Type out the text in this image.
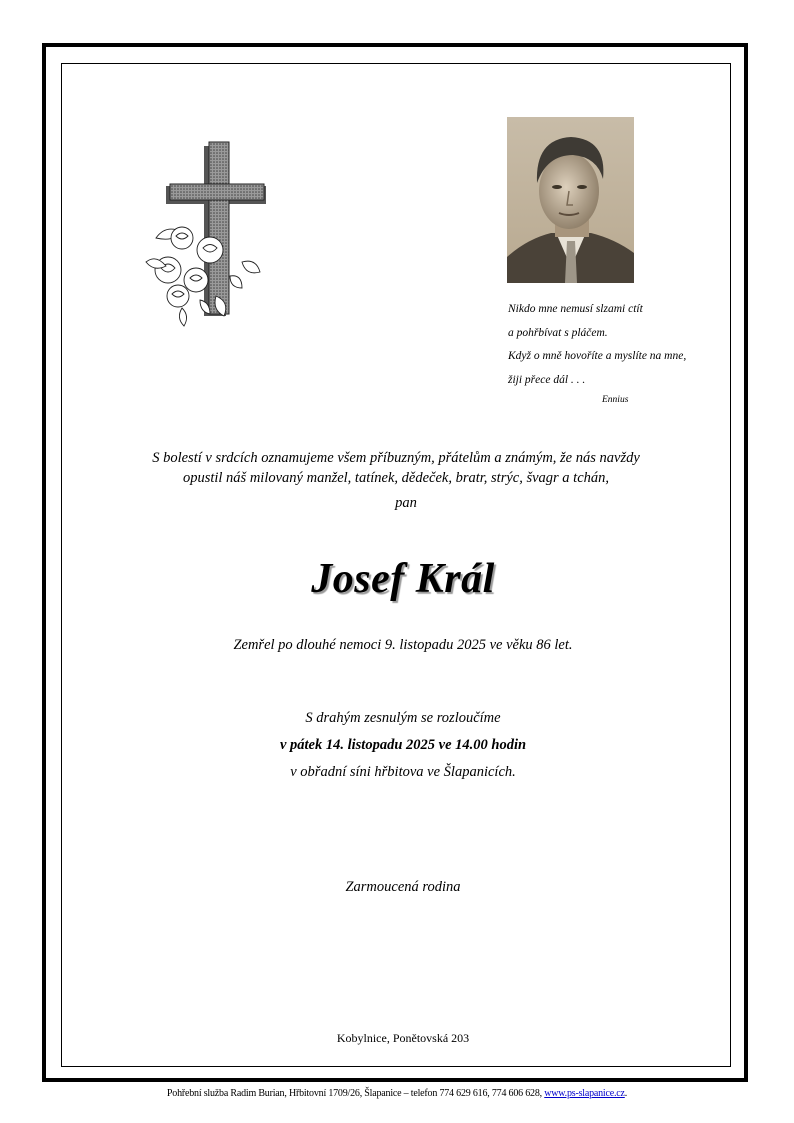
Nikdo mne nemusí slzami ctít
a pohřbívat s pláčem.
Když o mně hovoříte a myslíte na mne,
žiji přece dál . . .
Ennius
S bolestí v srdcích oznamujeme všem příbuzným, přátelům a známým, že nás navždy
opustil náš milovaný manžel, tatínek, dědeček, bratr, strýc, švagr a tchán,
pan
Josef Král
Zemřel po dlouhé nemoci 9. listopadu 2025 ve věku 86 let.
S drahým zesnulým se rozloučíme
v pátek 14. listopadu 2025 ve 14.00 hodin
v obřadní síni hřbitova ve Šlapanicích.
Zarmoucená rodina
Kobylnice, Ponětovská 203
Pohřební služba Radim Burian, Hřbitovní 1709/26, Šlapanice – telefon 774 629 616, 774 606 628, www.ps-slapanice.cz.
